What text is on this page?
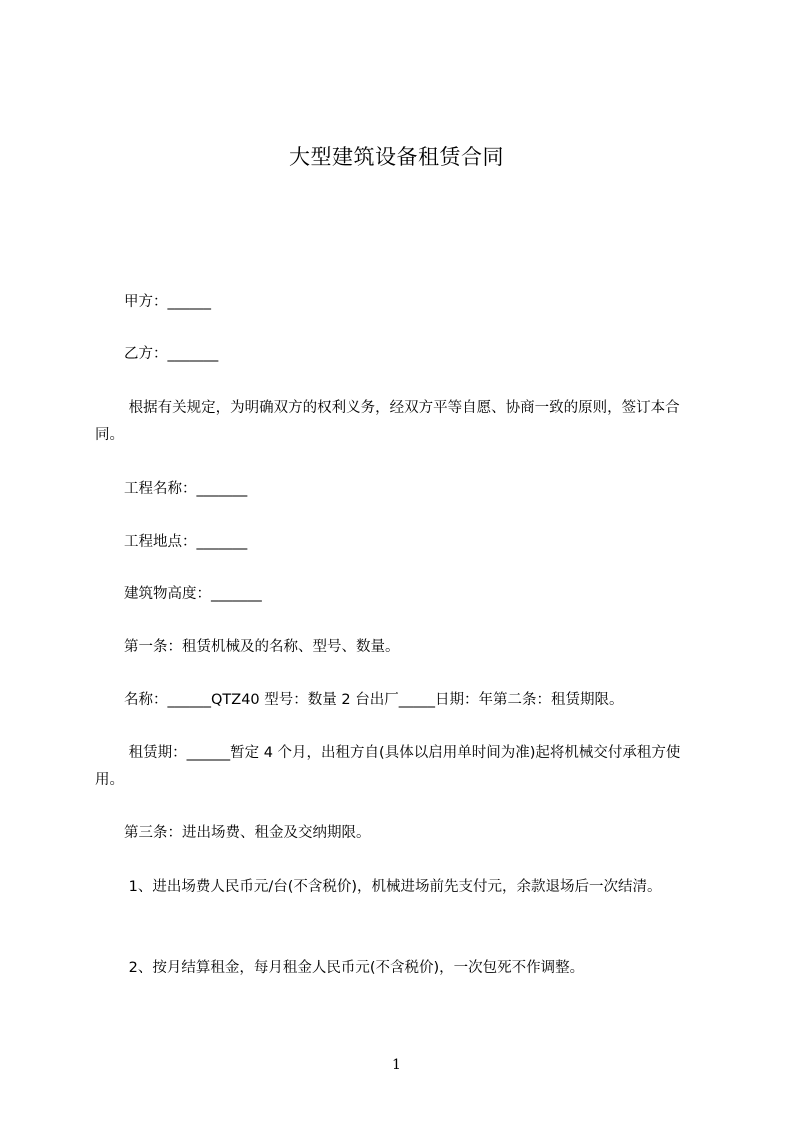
大型建筑设备租赁合同
　　甲方：______
　　乙方：_______
　　 根据有关规定，为明确双方的权利义务，经双方平等自愿、协商一致的原则，签订本合同。
　　工程名称：_______
　　工程地点：_______
　　建筑物高度：_______
　　第一条：租赁机械及的名称、型号、数量。
　　名称：______QTZ40 型号：数量 2 台出厂_____日期：年第二条：租赁期限。
　　 租赁期：______暂定 4 个月，出租方自(具体以启用单时间为准)起将机械交付承租方使用。
　　第三条：进出场费、租金及交纳期限。
　　 1、进出场费人民币元/台(不含税价)，机械进场前先支付元，余款退场后一次结清。
　　 2、按月结算租金，每月租金人民币元(不含税价)，一次包死不作调整。
1
